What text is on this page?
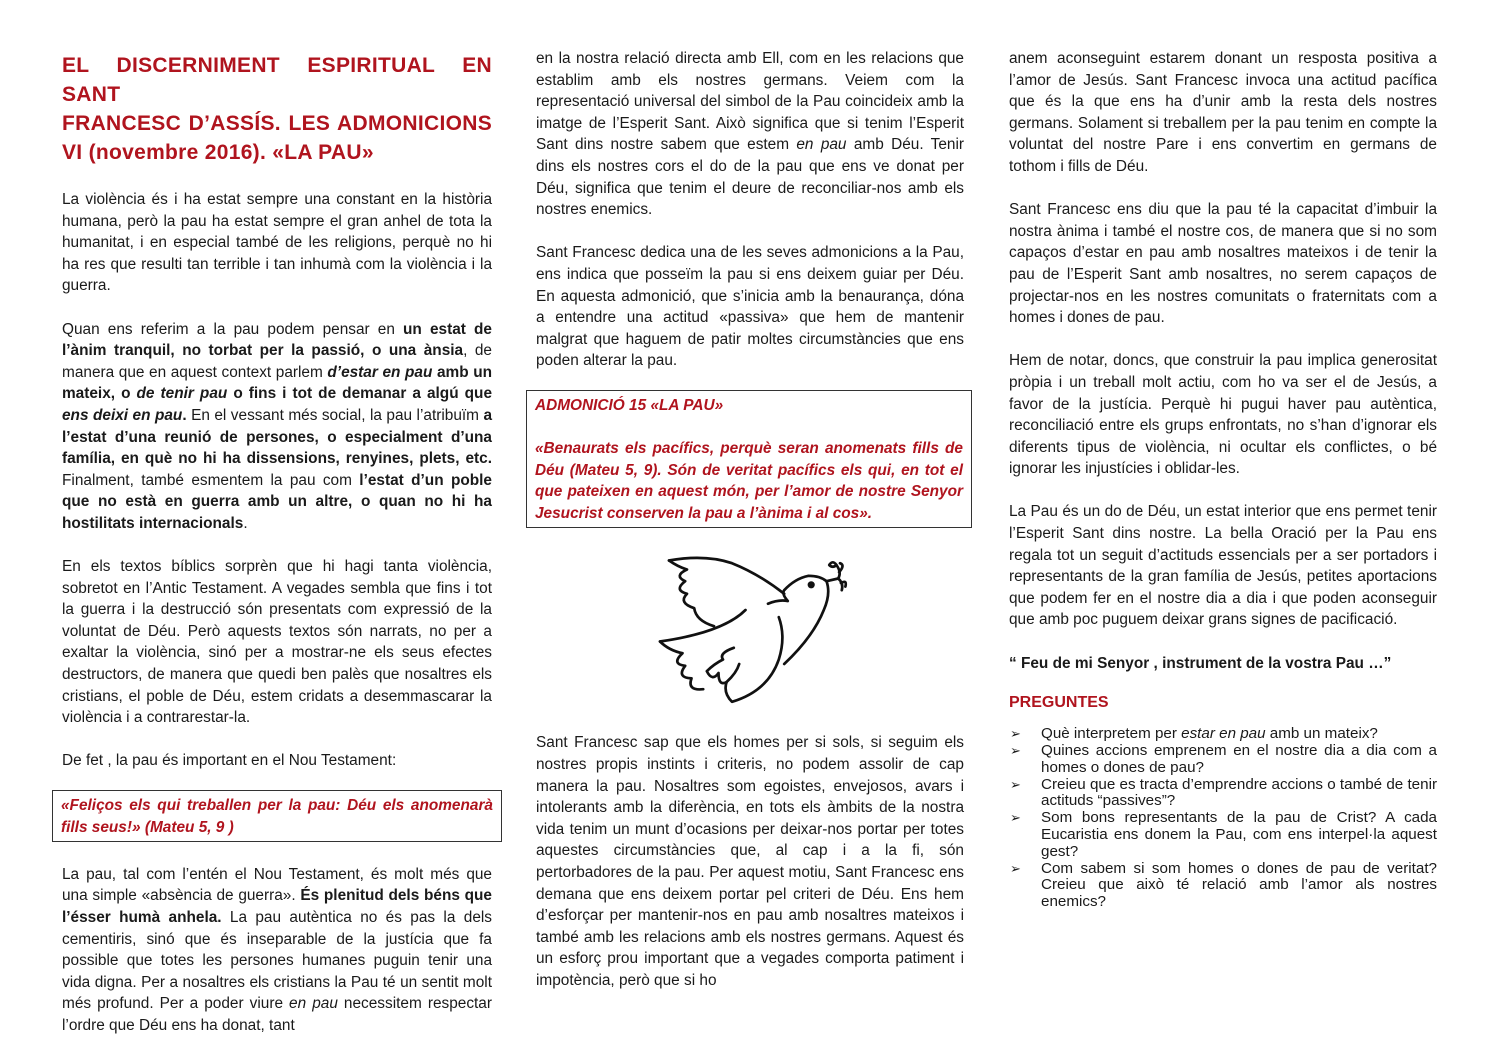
EL DISCERNIMENT ESPIRITUAL EN SANT
FRANCESC D’ASSÍS. LES ADMONICIONS
VI (novembre 2016). «LA PAU»

La violència és i ha estat sempre una constant en la història humana, però la pau ha estat sempre el gran anhel de tota la humanitat, i en especial també de les religions, perquè no hi ha res que resulti tan terrible i tan inhumà com la violència i la guerra.

Quan ens referim a la pau podem pensar en un estat de l’ànim tranquil, no torbat per la passió, o una ànsia, de manera que en aquest context parlem d’estar en pau amb un mateix, o de tenir pau o fins i tot de demanar a algú que ens deixi en pau. En el vessant més social, la pau l’atribuïm a l’estat d’una reunió de persones, o especialment d’una família, en què no hi ha dissensions, renyines, plets, etc. Finalment, també esmentem la pau com l’estat d’un poble que no està en guerra amb un altre, o quan no hi ha hostilitats internacionals.

En els textos bíblics sorprèn que hi hagi tanta violència, sobretot en l’Antic Testament. A vegades sembla que fins i tot la guerra i la destrucció són presentats com expressió de la voluntat de Déu. Però aquests textos són narrats, no per a exaltar la violència, sinó per a mostrar-ne els seus efectes destructors, de manera que quedi ben palès que nosaltres els cristians, el poble de Déu, estem cridats a desemmascarar la violència i a contrarestar-la.

De fet , la pau és important en el Nou Testament:

«Feliços els qui treballen per la pau: Déu els anomenarà fills seus!» (Mateu 5, 9 )

La pau, tal com l’entén el Nou Testament, és molt més que una simple «absència de guerra». És plenitud dels béns que l’ésser humà anhela. La pau autèntica no és pas la dels cementiris, sinó que és inseparable de la justícia que fa possible que totes les persones humanes puguin tenir una vida digna. Per a nosaltres els cristians la Pau té un sentit molt més profund. Per a poder viure en pau necessitem respectar l’ordre que Déu ens ha donat, tant

en la nostra relació directa amb Ell, com en les relacions que establim amb els nostres germans. Veiem com la representació universal del simbol de la Pau coincideix amb la imatge de l’Esperit Sant. Això significa que si tenim l’Esperit Sant dins nostre sabem que estem en pau amb Déu. Tenir dins els nostres cors el do de la pau que ens ve donat per Déu, significa que tenim el deure de reconciliar-nos amb els nostres enemics.

Sant Francesc dedica una de les seves admonicions a la Pau, ens indica que posseïm la pau si ens deixem guiar per Déu. En aquesta admonició, que s’inicia amb la benaurança, dóna a entendre una actitud «passiva» que hem de mantenir malgrat que haguem de patir moltes circumstàncies que ens poden alterar la pau.

ADMONICIÓ 15 «LA PAU»

«Benaurats els pacífics, perquè seran anomenats fills de Déu (Mateu 5, 9). Són de veritat pacífics els qui, en tot el que pateixen en aquest món, per l’amor de nostre Senyor Jesucrist conserven la pau a l’ànima i al cos».

Sant Francesc sap que els homes per si sols, si seguim els nostres propis instints i criteris, no podem assolir de cap manera la pau. Nosaltres som egoistes, envejosos, avars i intolerants amb la diferència, en tots els àmbits de la nostra vida tenim un munt d’ocasions per deixar-nos portar per totes aquestes circumstàncies que, al cap i a la fi, són pertorbadores de la pau. Per aquest motiu, Sant Francesc ens demana que ens deixem portar pel criteri de Déu. Ens hem d’esforçar per mantenir-nos en pau amb nosaltres mateixos i també amb les relacions amb els nostres germans. Aquest és un esforç prou important que a vegades comporta patiment i impotència, però que si ho

anem aconseguint estarem donant un resposta positiva a l’amor de Jesús. Sant Francesc invoca una actitud pacífica que és la que ens ha d’unir amb la resta dels nostres germans. Solament si treballem per la pau tenim en compte la voluntat del nostre Pare i ens convertim en germans de tothom i fills de Déu.

Sant Francesc ens diu que la pau té la capacitat d’imbuir la nostra ànima i també el nostre cos, de manera que si no som capaços d’estar en pau amb nosaltres mateixos i de tenir la pau de l’Esperit Sant amb nosaltres, no serem capaços de projectar-nos en les nostres comunitats o fraternitats com a homes i dones de pau.

Hem de notar, doncs, que construir la pau implica generositat pròpia i un treball molt actiu, com ho va ser el de Jesús, a favor de la justícia. Perquè hi pugui haver pau autèntica, reconciliació entre els grups enfrontats, no s’han d’ignorar els diferents tipus de violència, ni ocultar els conflictes, o bé ignorar les injustícies i oblidar-les.

La Pau és un do de Déu, un estat interior que ens permet tenir l’Esperit Sant dins nostre. La bella Oració per la Pau ens regala tot un seguit d’actituds essencials per a ser portadors i representants de la gran família de Jesús, petites aportacions que podem fer en el nostre dia a dia i que poden aconseguir que amb poc puguem deixar grans signes de pacificació.

“ Feu de mi Senyor , instrument de la vostra Pau …”

PREGUNTES
➢ Què interpretem per estar en pau amb un mateix?
➢ Quines accions emprenem en el nostre dia a dia com a homes o dones de pau?
➢ Creieu que es tracta d’emprendre accions o també de tenir actituds “passives”?
➢ Som bons representants de la pau de Crist? A cada Eucaristia ens donem la Pau, com ens interpel·la aquest gest?
➢ Com sabem si som homes o dones de pau de veritat? Creieu que això té relació amb l’amor als nostres enemics?
